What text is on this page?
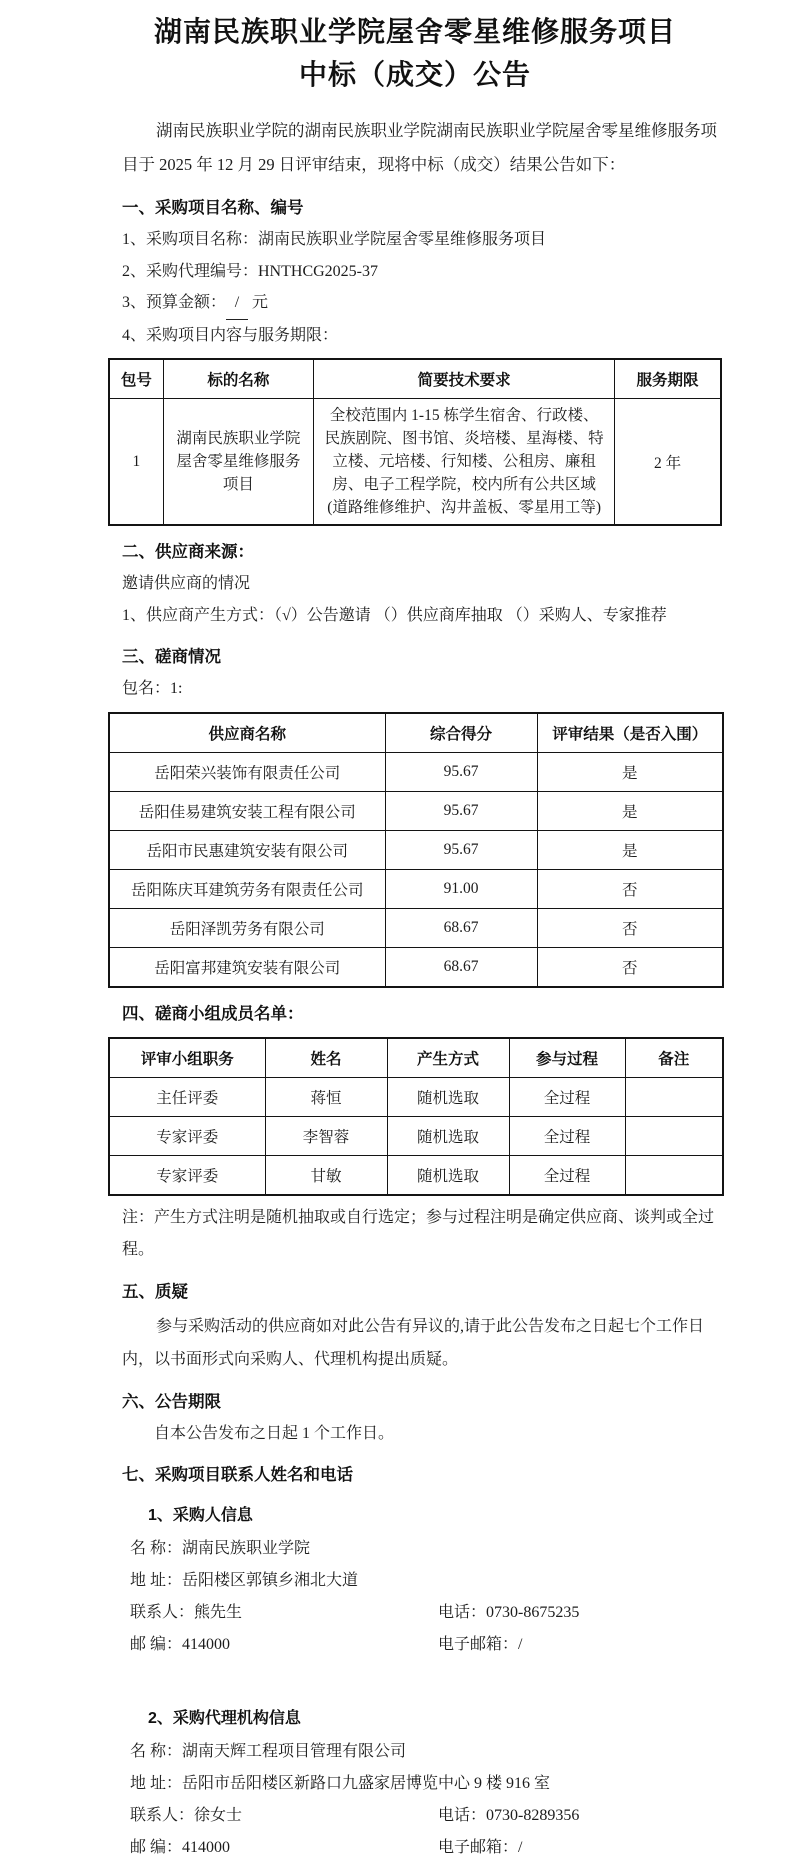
湖南民族职业学院屋舍零星维修服务项目
中标（成交）公告

湖南民族职业学院的湖南民族职业学院湖南民族职业学院屋舍零星维修服务项目于 2025 年 12 月 29 日评审结束，现将中标（成交）结果公告如下：

一、采购项目名称、编号
1、采购项目名称：湖南民族职业学院屋舍零星维修服务项目
2、采购代理编号：HNTHCG2025-37
3、预算金额： / 元
4、采购项目内容与服务期限：
包号	标的名称	简要技术要求	服务期限
1	湖南民族职业学院屋舍零星维修服务项目	全校范围内 1-15 栋学生宿舍、行政楼、民族剧院、图书馆、炎培楼、星海楼、特立楼、元培楼、行知楼、公租房、廉租房、电子工程学院，校内所有公共区域(道路维修维护、沟井盖板、零星用工等)	2 年
二、供应商来源：
邀请供应商的情况
1、供应商产生方式：（√）公告邀请 （）供应商库抽取 （）采购人、专家推荐
三、磋商情况
包名：1:
供应商名称	综合得分	评审结果（是否入围）
岳阳荣兴装饰有限责任公司	95.67	是
岳阳佳易建筑安装工程有限公司	95.67	是
岳阳市民惠建筑安装有限公司	95.67	是
岳阳陈庆耳建筑劳务有限责任公司	91.00	否
岳阳泽凯劳务有限公司	68.67	否
岳阳富邦建筑安装有限公司	68.67	否
四、磋商小组成员名单：
评审小组职务	姓名	产生方式	参与过程	备注
主任评委	蒋恒	随机选取	全过程	
专家评委	李智蓉	随机选取	全过程	
专家评委	甘敏	随机选取	全过程	
注：产生方式注明是随机抽取或自行选定；参与过程注明是确定供应商、谈判或全过程。
五、质疑

参与采购活动的供应商如对此公告有异议的,请于此公告发布之日起七个工作日内，以书面形式向采购人、代理机构提出质疑。

六、公告期限
自本公告发布之日起 1 个工作日。
七、采购项目联系人姓名和电话
1、采购人信息
名 称：湖南民族职业学院
地 址：岳阳楼区郭镇乡湘北大道
联系人：熊先生	电话：0730-8675235
邮 编：414000	电子邮箱：/
2、采购代理机构信息
名 称：湖南天辉工程项目管理有限公司
地 址：岳阳市岳阳楼区新路口九盛家居博览中心 9 楼 916 室
联系人：徐女士	电话：0730-8289356
邮 编：414000	电子邮箱：/
